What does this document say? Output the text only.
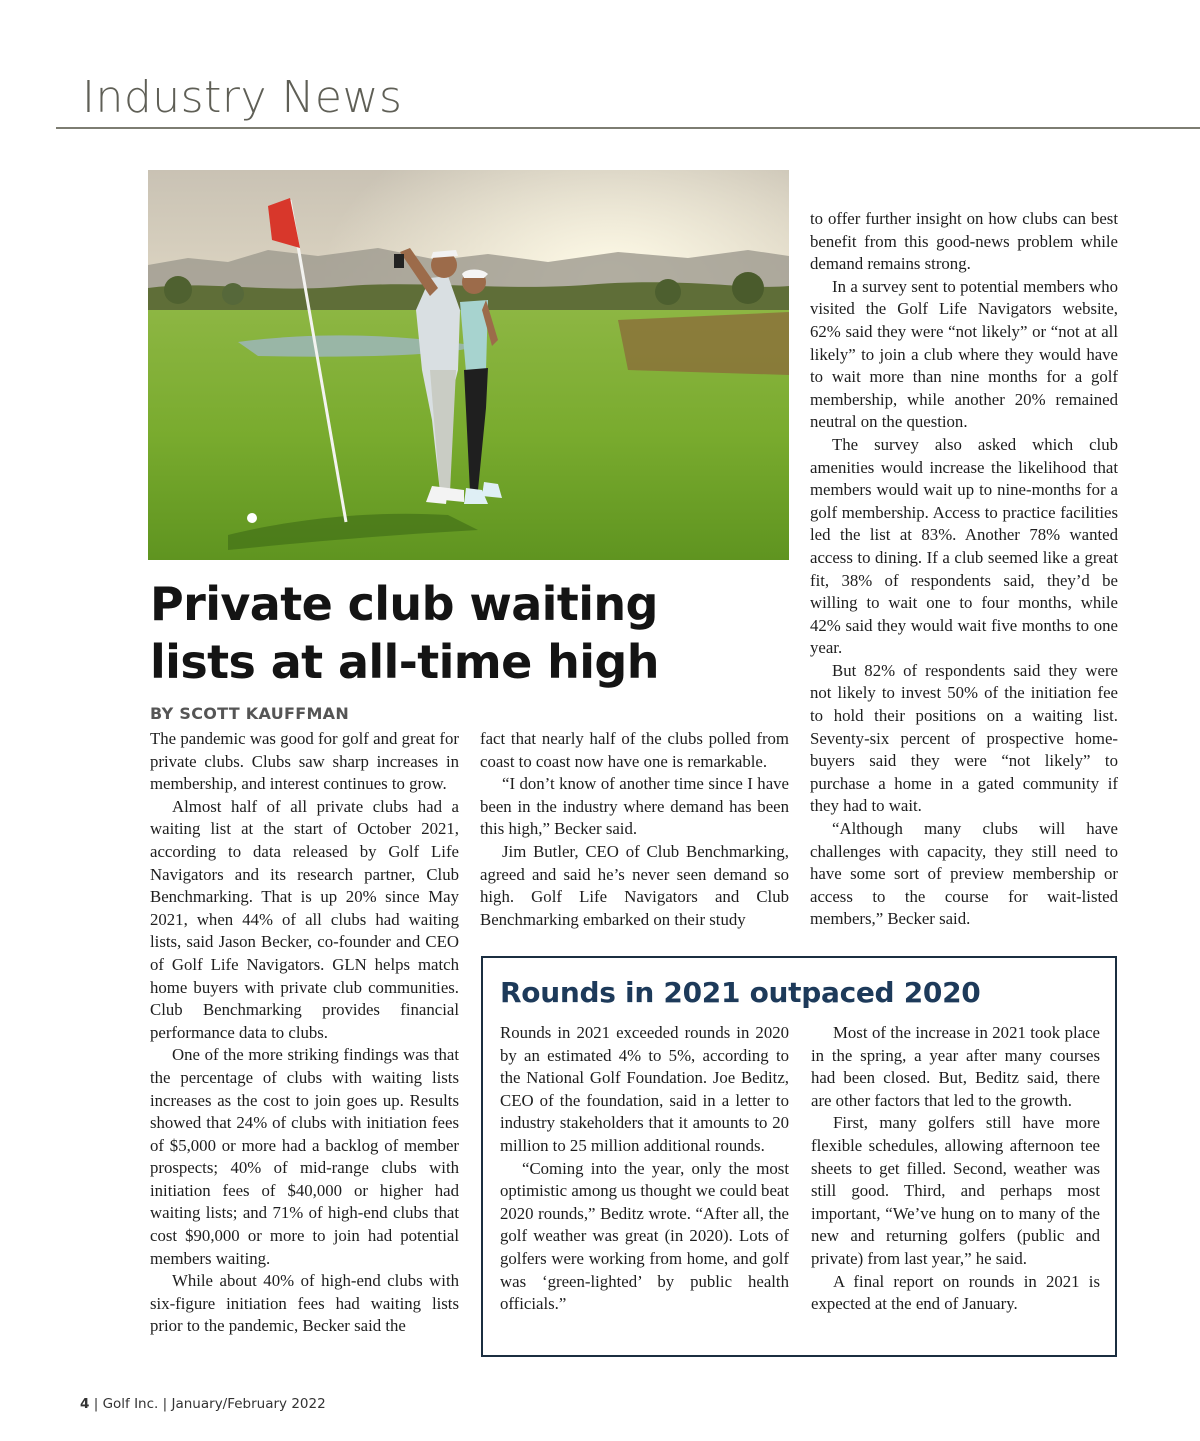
Industry News
Private club waiting lists at all-time high
BY SCOTT KAUFFMAN

The pandemic was good for golf and great for private clubs. Clubs saw sharp increases in membership, and interest continues to grow.

Almost half of all private clubs had a waiting list at the start of October 2021, according to data released by Golf Life Navigators and its research partner, Club Benchmarking. That is up 20% since May 2021, when 44% of all clubs had waiting lists, said Jason Becker, co-founder and CEO of Golf Life Navigators. GLN helps match home buyers with private club communities. Club Benchmarking provides financial performance data to clubs.

One of the more striking findings was that the percentage of clubs with waiting lists increases as the cost to join goes up. Results showed that 24% of clubs with initiation fees of $5,000 or more had a backlog of member prospects; 40% of mid-range clubs with initiation fees of $40,000 or higher had waiting lists; and 71% of high-end clubs that cost $90,000 or more to join had potential members waiting.

While about 40% of high-end clubs with six-figure initiation fees had waiting lists prior to the pandemic, Becker said the

fact that nearly half of the clubs polled from coast to coast now have one is remarkable.

“I don’t know of another time since I have been in the industry where demand has been this high,” Becker said.

Jim Butler, CEO of Club Benchmarking, agreed and said he’s never seen demand so high. Golf Life Navigators and Club Benchmarking embarked on their study

to offer further insight on how clubs can best benefit from this good-news problem while demand remains strong.

In a survey sent to potential members who visited the Golf Life Navigators website, 62% said they were “not likely” or “not at all likely” to join a club where they would have to wait more than nine months for a golf membership, while another 20% remained neutral on the question.

The survey also asked which club amenities would increase the likelihood that members would wait up to nine-months for a golf membership. Access to practice facilities led the list at 83%. Another 78% wanted access to dining. If a club seemed like a great fit, 38% of respondents said, they’d be willing to wait one to four months, while 42% said they would wait five months to one year.

But 82% of respondents said they were not likely to invest 50% of the initiation fee to hold their positions on a waiting list. Seventy-six percent of prospective home-buyers said they were “not likely” to purchase a home in a gated community if they had to wait.

“Although many clubs will have challenges with capacity, they still need to have some sort of preview membership or access to the course for wait-listed members,” Becker said.

Rounds in 2021 outpaced 2020

Rounds in 2021 exceeded rounds in 2020 by an estimated 4% to 5%, according to the National Golf Foundation. Joe Beditz, CEO of the foundation, said in a letter to industry stakeholders that it amounts to 20 million to 25 million additional rounds.

“Coming into the year, only the most optimistic among us thought we could beat 2020 rounds,” Beditz wrote. “After all, the golf weather was great (in 2020). Lots of golfers were working from home, and golf was ‘green-lighted’ by public health officials.”

Most of the increase in 2021 took place in the spring, a year after many courses had been closed. But, Beditz said, there are other factors that led to the growth.

First, many golfers still have more flexible schedules, allowing afternoon tee sheets to get filled. Second, weather was still good. Third, and perhaps most important, “We’ve hung on to many of the new and returning golfers (public and private) from last year,” he said.

A final report on rounds in 2021 is expected at the end of January.

4 | Golf Inc. | January/February 2022
